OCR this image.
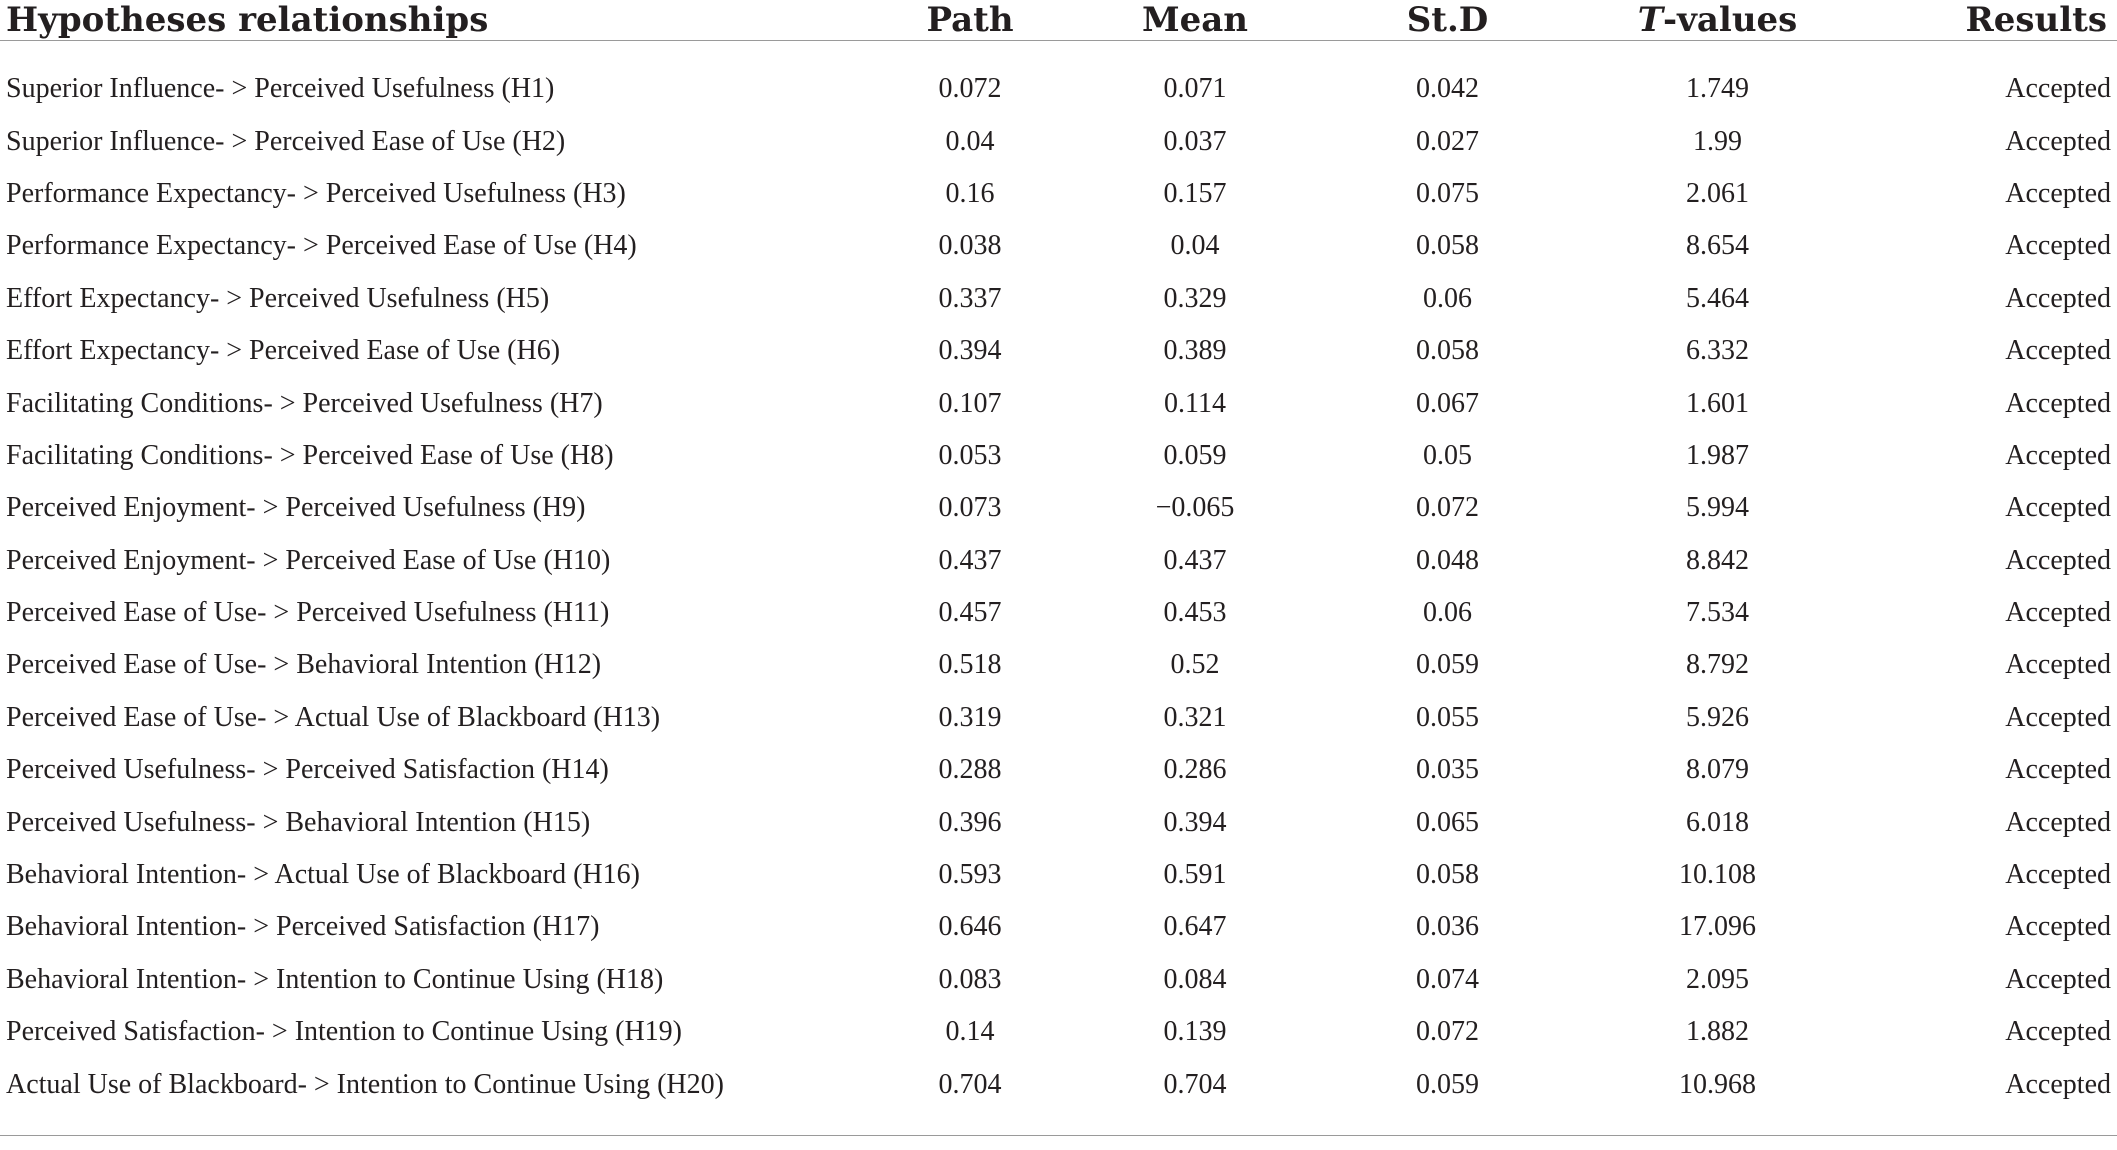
Hypotheses relationships	Path	Mean	St.D	T-values	Results

Superior Influence- > Perceived Usefulness (H1)	0.072	0.071	0.042	1.749	Accepted
Superior Influence- > Perceived Ease of Use (H2)	0.04	0.037	0.027	1.99	Accepted
Performance Expectancy- > Perceived Usefulness (H3)	0.16	0.157	0.075	2.061	Accepted
Performance Expectancy- > Perceived Ease of Use (H4)	0.038	0.04	0.058	8.654	Accepted
Effort Expectancy- > Perceived Usefulness (H5)	0.337	0.329	0.06	5.464	Accepted
Effort Expectancy- > Perceived Ease of Use (H6)	0.394	0.389	0.058	6.332	Accepted
Facilitating Conditions- > Perceived Usefulness (H7)	0.107	0.114	0.067	1.601	Accepted
Facilitating Conditions- > Perceived Ease of Use (H8)	0.053	0.059	0.05	1.987	Accepted
Perceived Enjoyment- > Perceived Usefulness (H9)	0.073	−0.065	0.072	5.994	Accepted
Perceived Enjoyment- > Perceived Ease of Use (H10)	0.437	0.437	0.048	8.842	Accepted
Perceived Ease of Use- > Perceived Usefulness (H11)	0.457	0.453	0.06	7.534	Accepted
Perceived Ease of Use- > Behavioral Intention (H12)	0.518	0.52	0.059	8.792	Accepted
Perceived Ease of Use- > Actual Use of Blackboard (H13)	0.319	0.321	0.055	5.926	Accepted
Perceived Usefulness- > Perceived Satisfaction (H14)	0.288	0.286	0.035	8.079	Accepted
Perceived Usefulness- > Behavioral Intention (H15)	0.396	0.394	0.065	6.018	Accepted
Behavioral Intention- > Actual Use of Blackboard (H16)	0.593	0.591	0.058	10.108	Accepted
Behavioral Intention- > Perceived Satisfaction (H17)	0.646	0.647	0.036	17.096	Accepted
Behavioral Intention- > Intention to Continue Using (H18)	0.083	0.084	0.074	2.095	Accepted
Perceived Satisfaction- > Intention to Continue Using (H19)	0.14	0.139	0.072	1.882	Accepted
Actual Use of Blackboard- > Intention to Continue Using (H20)	0.704	0.704	0.059	10.968	Accepted
